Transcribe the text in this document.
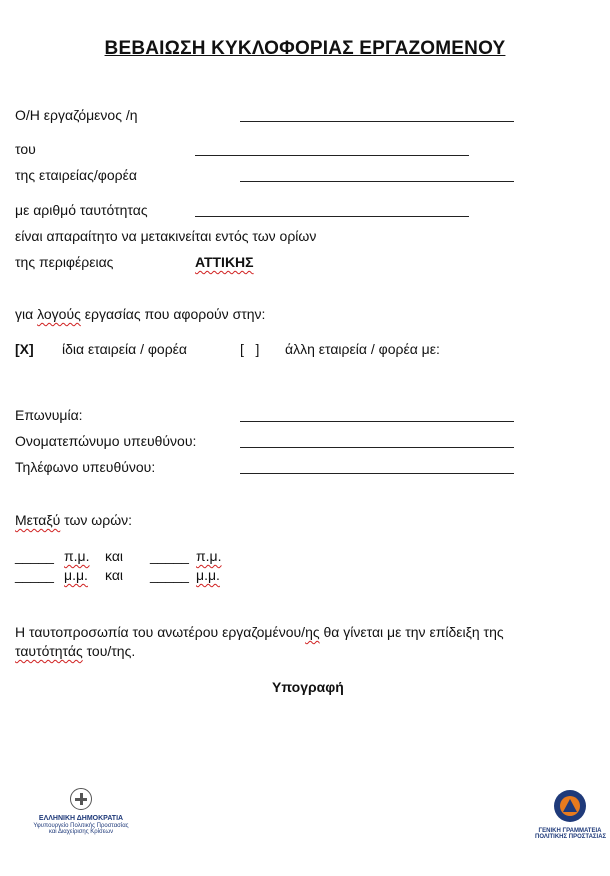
ΒΕΒΑΙΩΣΗ ΚΥΚΛΟΦΟΡΙΑΣ ΕΡΓΑΖΟΜΕΝΟΥ
Ο/Η εργαζόμενος /η
του
της εταιρείας/φορέα
με αριθμό ταυτότητας
είναι απαραίτητο να μετακινείται εντός των ορίων
της περιφέρειας	ΑΤΤΙΚΗΣ
για λογούς εργασίας που αφορούν στην:
[X] ίδια εταιρεία / φορέα	[   ] άλλη εταιρεία / φορέα με:
Επωνυμία:
Ονοματεπώνυμο υπευθύνου:
Τηλέφωνο υπευθύνου:
Μεταξύ των ωρών:
_____ π.μ. και _____ π.μ.
_____ μ.μ. και _____ μ.μ.
Η ταυτοπροσωπία του ανωτέρου εργαζομένου/ης θα γίνεται με την επίδειξη της
ταυτότητάς του/της.
Υπογραφή
ΕΛΛΗΝΙΚΗ ΔΗΜΟΚΡΑΤΙΑ
Υφυπουργείο Πολιτικής Προστασίας
και Διαχείρισης Κρίσεων	ΓΕΝΙΚΗ ΓΡΑΜΜΑΤΕΙΑ
ΠΟΛΙΤΙΚΗΣ ΠΡΟΣΤΑΣΙΑΣ
